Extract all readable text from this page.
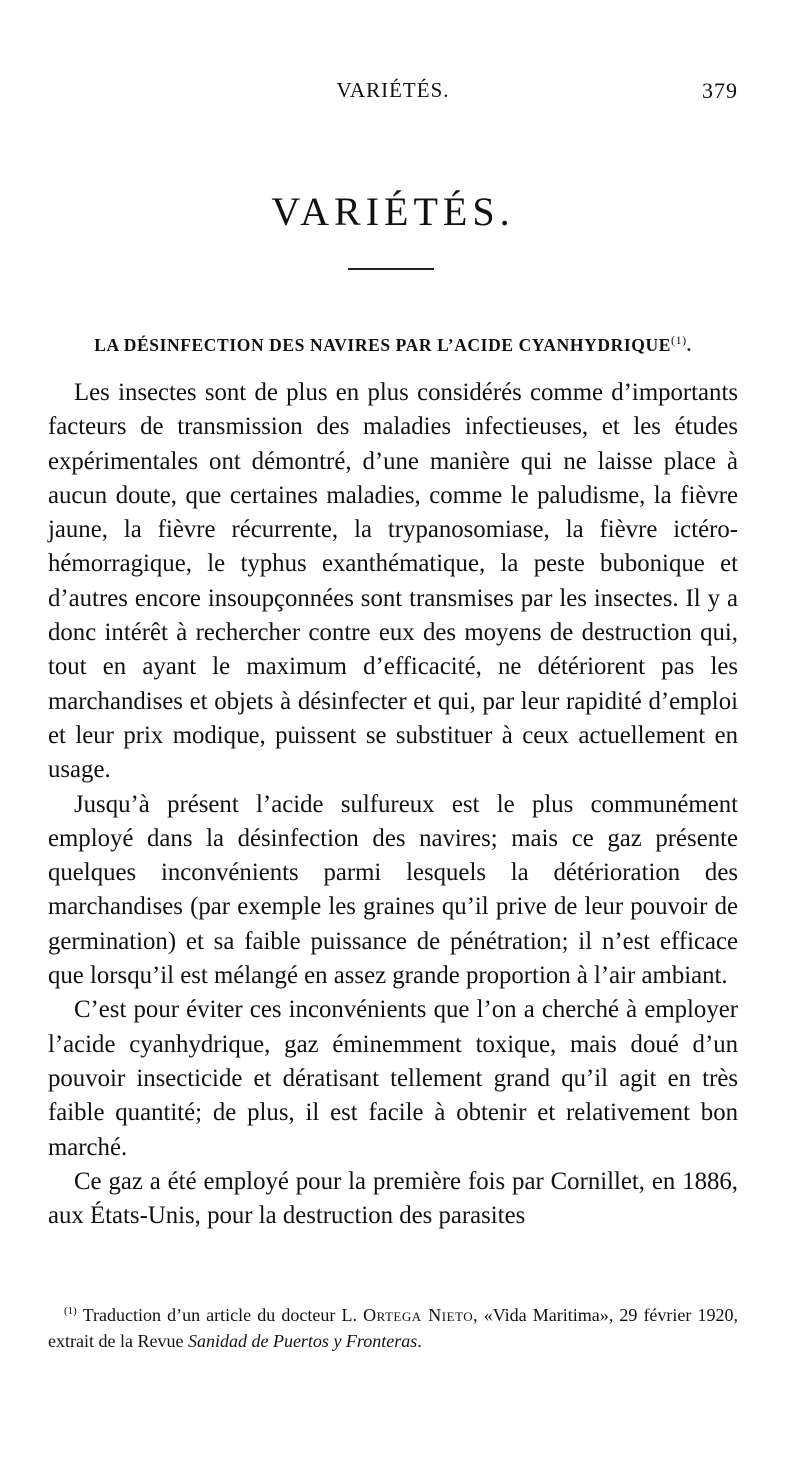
VARIÉTÉS.	379
VARIÉTÉS.
LA DÉSINFECTION DES NAVIRES PAR L’ACIDE CYANHYDRIQUE$^{(1)}$.

Les insectes sont de plus en plus considérés comme d’importants facteurs de transmission des maladies infectieuses, et les études expérimentales ont démontré, d’une manière qui ne laisse place à aucun doute, que certaines maladies, comme le paludisme, la fièvre jaune, la fièvre récurrente, la trypanosomiase, la fièvre ictéro-hémorragique, le typhus exanthématique, la peste bubonique et d’autres encore insoupçonnées sont transmises par les insectes. Il y a donc intérêt à rechercher contre eux des moyens de destruction qui, tout en ayant le maximum d’efficacité, ne détériorent pas les marchandises et objets à désinfecter et qui, par leur rapidité d’emploi et leur prix modique, puissent se substituer à ceux actuellement en usage.

Jusqu’à présent l’acide sulfureux est le plus communément employé dans la désinfection des navires; mais ce gaz présente quelques inconvénients parmi lesquels la détérioration des marchandises (par exemple les graines qu’il prive de leur pouvoir de germination) et sa faible puissance de pénétration; il n’est efficace que lorsqu’il est mélangé en assez grande proportion à l’air ambiant.

C’est pour éviter ces inconvénients que l’on a cherché à employer l’acide cyanhydrique, gaz éminemment toxique, mais doué d’un pouvoir insecticide et dératisant tellement grand qu’il agit en très faible quantité; de plus, il est facile à obtenir et relativement bon marché.

Ce gaz a été employé pour la première fois par Cornillet, en 1886, aux États-Unis, pour la destruction des parasites

$^{(1)}$ Traduction d’un article du docteur L. Ortega Nieto, «Vida Maritima», 29 février 1920, extrait de la Revue Sanidad de Puertos y Fronteras.
